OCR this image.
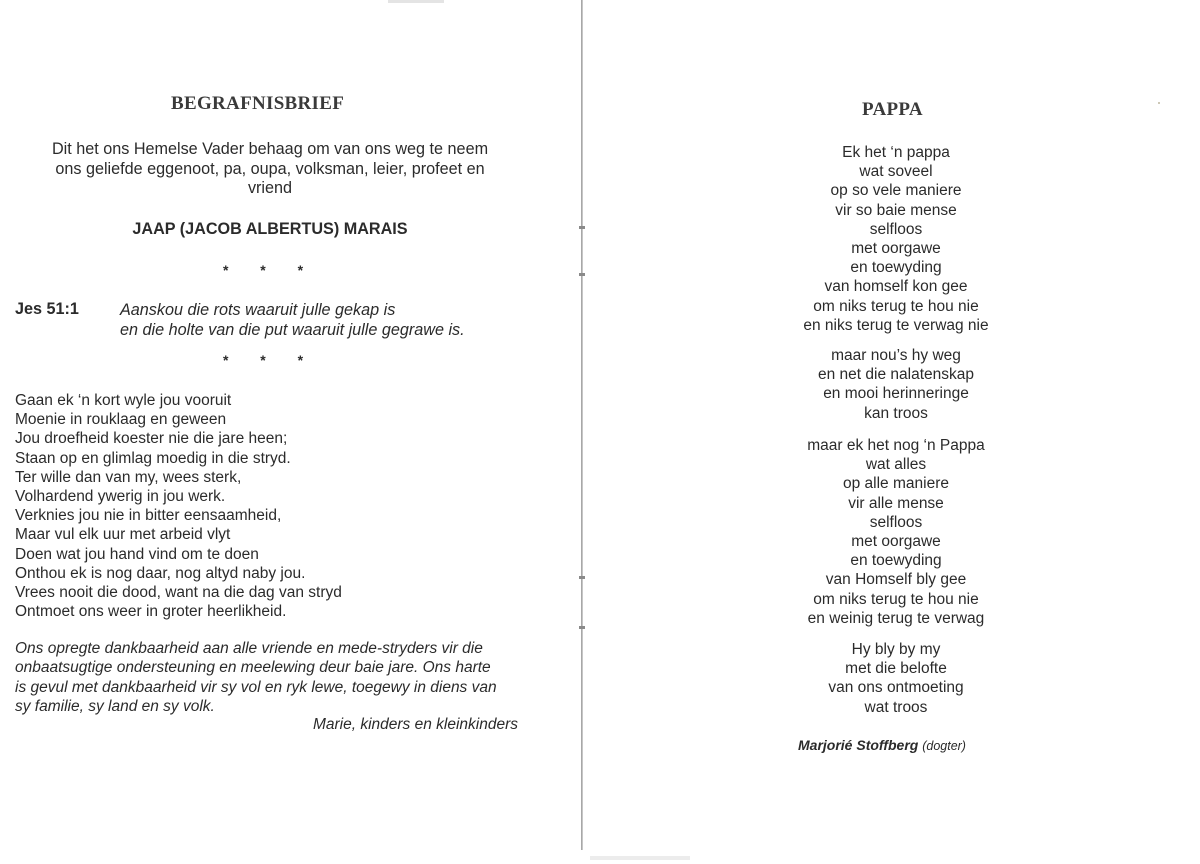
BEGRAFNISBRIEF
Dit het ons Hemelse Vader behaag om van ons weg te neem
ons geliefde eggenoot, pa, oupa, volksman, leier, profeet en
vriend
JAAP (JACOB ALBERTUS) MARAIS
* * *
Jes 51:1	Aanskou die rots waaruit julle gekap is
en die holte van die put waaruit julle gegrawe is.
* * *
Gaan ek ‘n kort wyle jou vooruit
Moenie in rouklaag en geween
Jou droefheid koester nie die jare heen;
Staan op en glimlag moedig in die stryd.
Ter wille dan van my, wees sterk,
Volhardend ywerig in jou werk.
Verknies jou nie in bitter eensaamheid,
Maar vul elk uur met arbeid vlyt
Doen wat jou hand vind om te doen
Onthou ek is nog daar, nog altyd naby jou.
Vrees nooit die dood, want na die dag van stryd
Ontmoet ons weer in groter heerlikheid.
Ons opregte dankbaarheid aan alle vriende en mede-stryders vir die
onbaatsugtige ondersteuning en meelewing deur baie jare. Ons harte
is gevul met dankbaarheid vir sy vol en ryk lewe, toegewy in diens van
sy familie, sy land en sy volk.
Marie, kinders en kleinkinders
PAPPA
Ek het ‘n pappa
wat soveel
op so vele maniere
vir so baie mense
selfloos
met oorgawe
en toewyding
van homself kon gee
om niks terug te hou nie
en niks terug te verwag nie
maar nou’s hy weg
en net die nalatenskap
en mooi herinneringe
kan troos
maar ek het nog ‘n Pappa
wat alles
op alle maniere
vir alle mense
selfloos
met oorgawe
en toewyding
van Homself bly gee
om niks terug te hou nie
en weinig terug te verwag
Hy bly by my
met die belofte
van ons ontmoeting
wat troos
Marjorié Stoffberg (dogter)
